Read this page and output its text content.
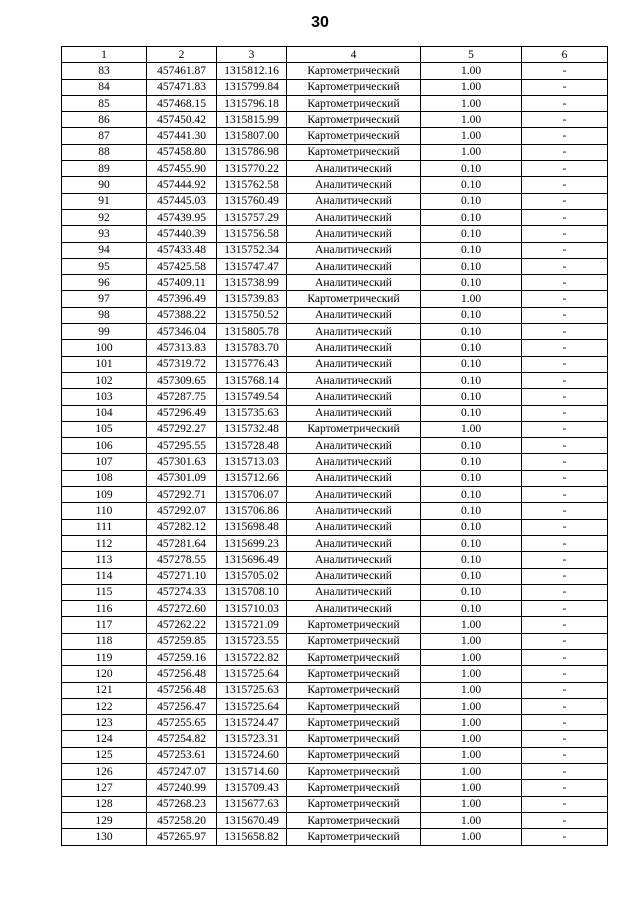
30
1	2	3	4	5	6
83	457461.87	1315812.16	Картометрический	1.00	-
84	457471.83	1315799.84	Картометрический	1.00	-
85	457468.15	1315796.18	Картометрический	1.00	-
86	457450.42	1315815.99	Картометрический	1.00	-
87	457441.30	1315807.00	Картометрический	1.00	-
88	457458.80	1315786.98	Картометрический	1.00	-
89	457455.90	1315770.22	Аналитический	0.10	-
90	457444.92	1315762.58	Аналитический	0.10	-
91	457445.03	1315760.49	Аналитический	0.10	-
92	457439.95	1315757.29	Аналитический	0.10	-
93	457440.39	1315756.58	Аналитический	0.10	-
94	457433.48	1315752.34	Аналитический	0.10	-
95	457425.58	1315747.47	Аналитический	0.10	-
96	457409.11	1315738.99	Аналитический	0.10	-
97	457396.49	1315739.83	Картометрический	1.00	-
98	457388.22	1315750.52	Аналитический	0.10	-
99	457346.04	1315805.78	Аналитический	0.10	-
100	457313.83	1315783.70	Аналитический	0.10	-
101	457319.72	1315776.43	Аналитический	0.10	-
102	457309.65	1315768.14	Аналитический	0.10	-
103	457287.75	1315749.54	Аналитический	0.10	-
104	457296.49	1315735.63	Аналитический	0.10	-
105	457292.27	1315732.48	Картометрический	1.00	-
106	457295.55	1315728.48	Аналитический	0.10	-
107	457301.63	1315713.03	Аналитический	0.10	-
108	457301.09	1315712.66	Аналитический	0.10	-
109	457292.71	1315706.07	Аналитический	0.10	-
110	457292.07	1315706.86	Аналитический	0.10	-
111	457282.12	1315698.48	Аналитический	0.10	-
112	457281.64	1315699.23	Аналитический	0.10	-
113	457278.55	1315696.49	Аналитический	0.10	-
114	457271.10	1315705.02	Аналитический	0.10	-
115	457274.33	1315708.10	Аналитический	0.10	-
116	457272.60	1315710.03	Аналитический	0.10	-
117	457262.22	1315721.09	Картометрический	1.00	-
118	457259.85	1315723.55	Картометрический	1.00	-
119	457259.16	1315722.82	Картометрический	1.00	-
120	457256.48	1315725.64	Картометрический	1.00	-
121	457256.48	1315725.63	Картометрический	1.00	-
122	457256.47	1315725.64	Картометрический	1.00	-
123	457255.65	1315724.47	Картометрический	1.00	-
124	457254.82	1315723.31	Картометрический	1.00	-
125	457253.61	1315724.60	Картометрический	1.00	-
126	457247.07	1315714.60	Картометрический	1.00	-
127	457240.99	1315709.43	Картометрический	1.00	-
128	457268.23	1315677.63	Картометрический	1.00	-
129	457258.20	1315670.49	Картометрический	1.00	-
130	457265.97	1315658.82	Картометрический	1.00	-
